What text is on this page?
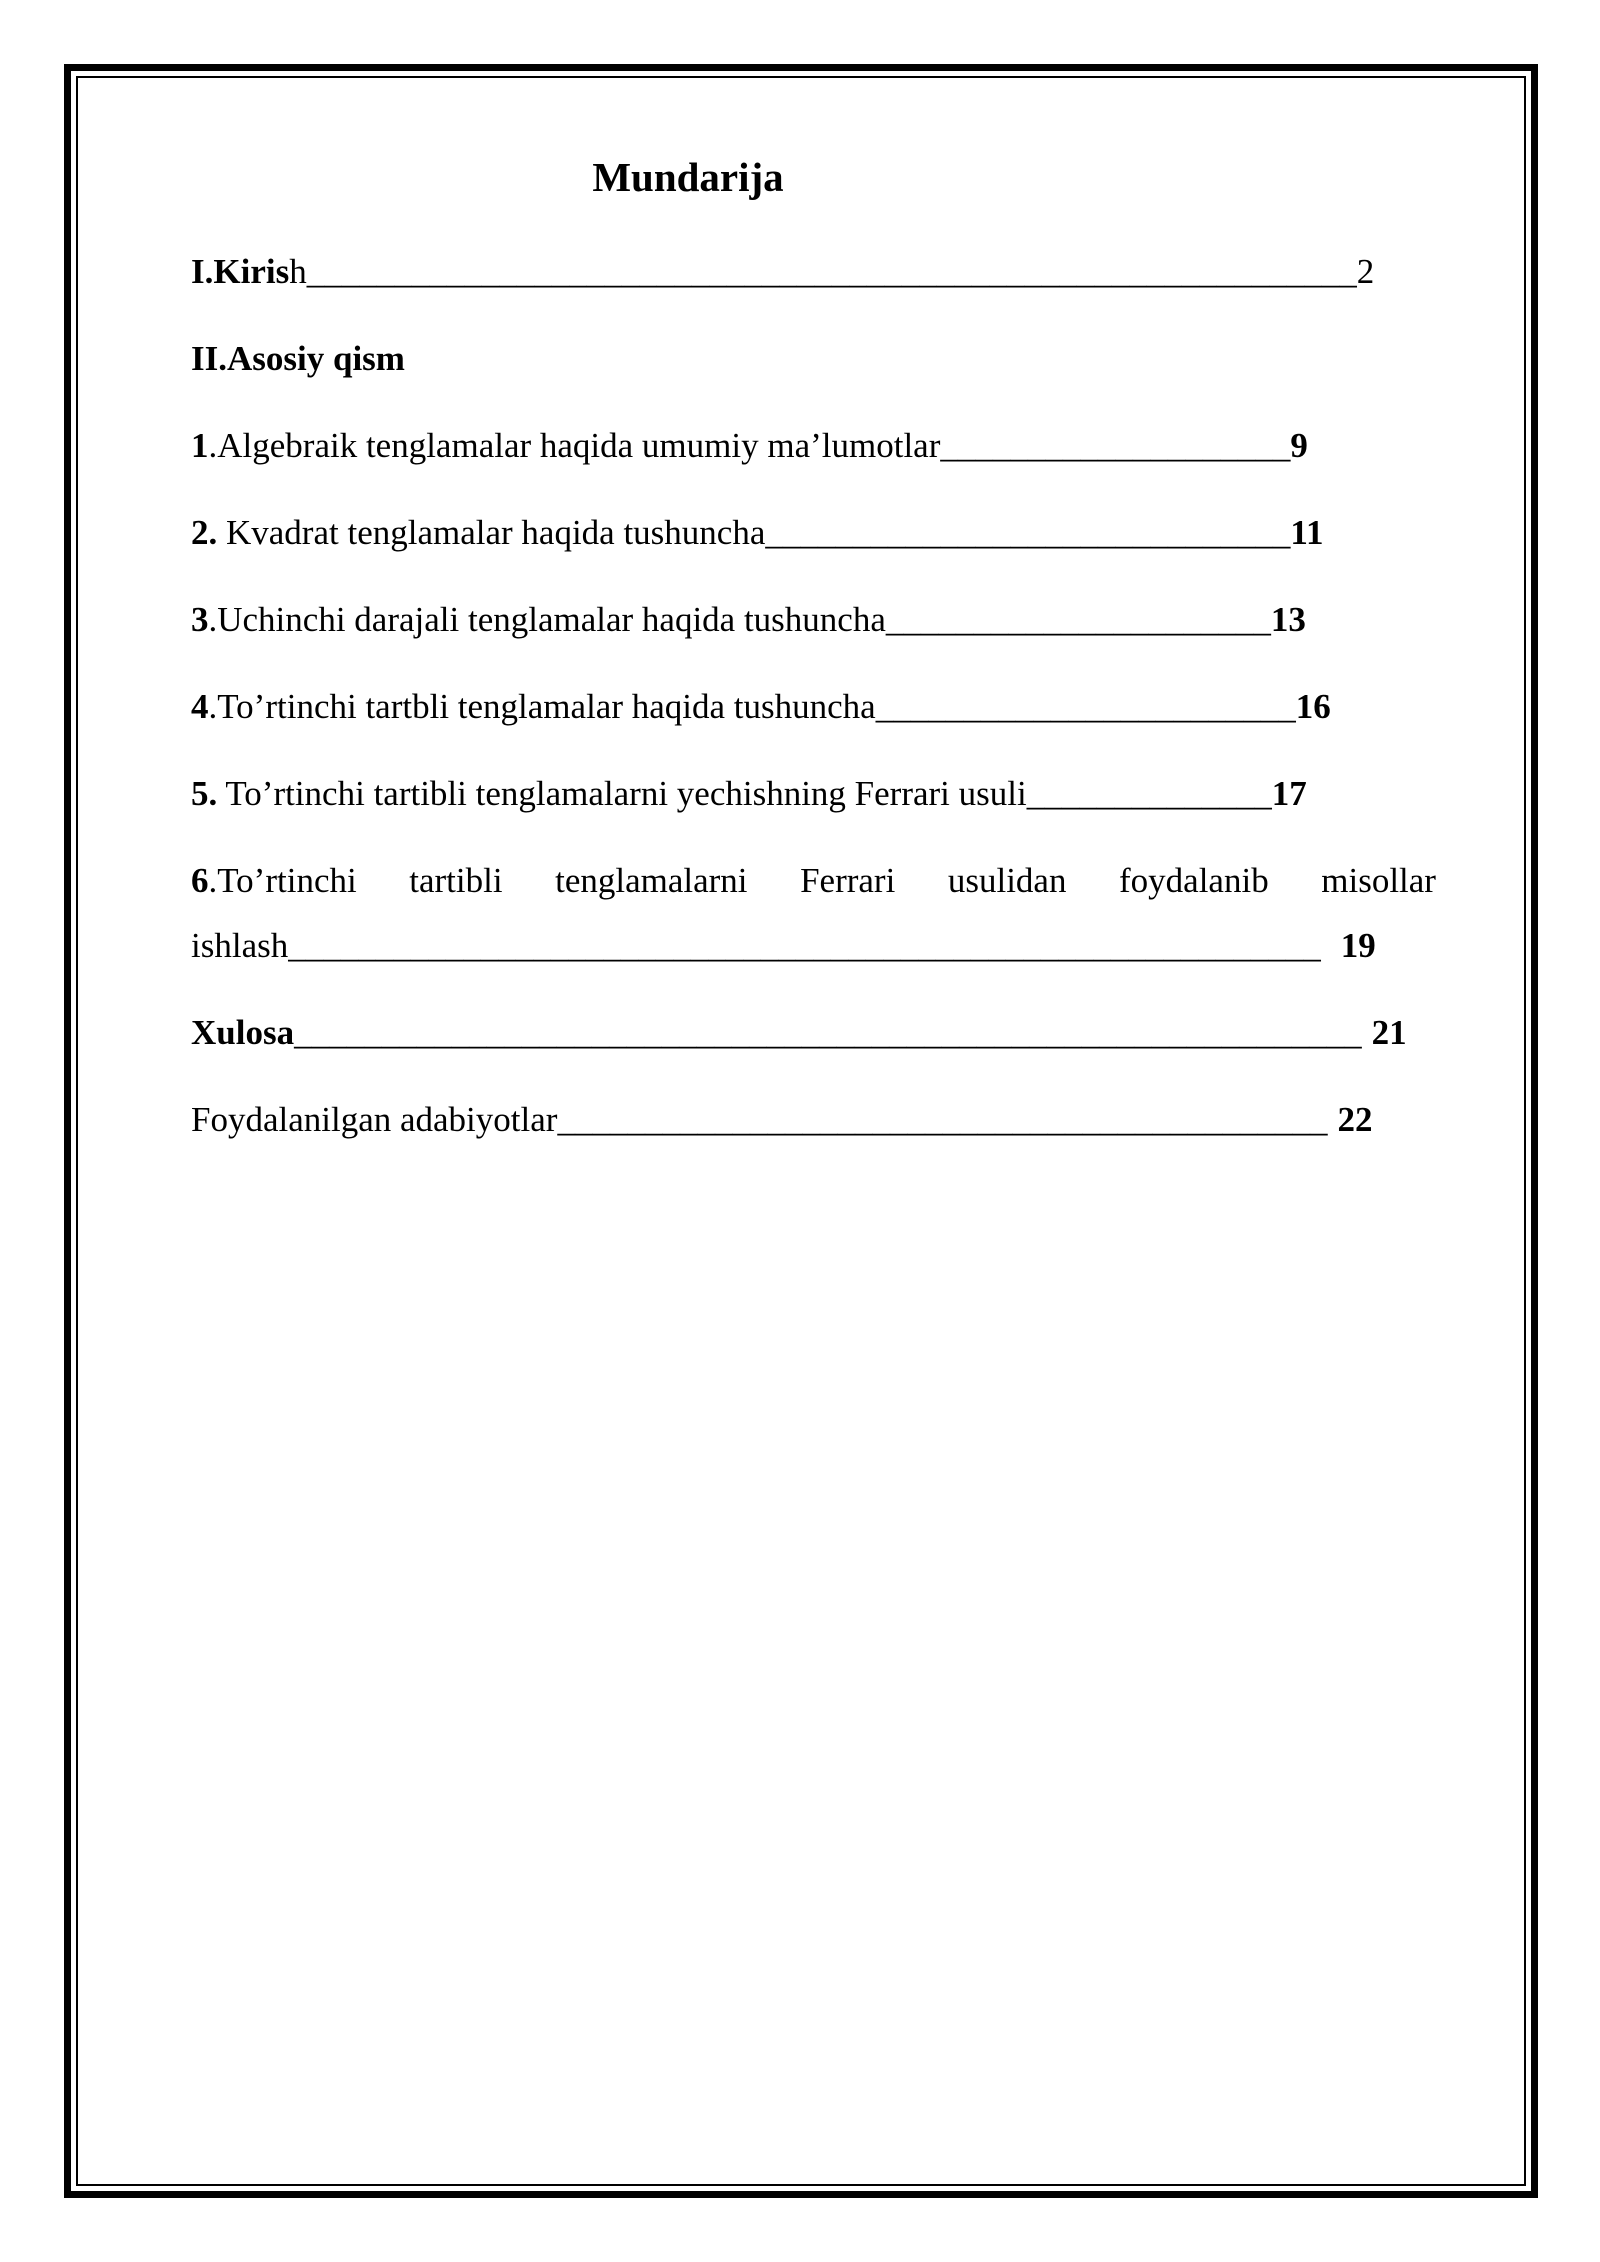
Mundarija
I.Kirish____________________________________________________________2
II.Asosiy qism
1.Algebraik tenglamalar haqida umumiy ma’lumotlar____________________9
2. Kvadrat tenglamalar haqida tushuncha______________________________11
3.Uchinchi darajali tenglamalar haqida tushuncha______________________13
4.To’rtinchi tartbli tenglamalar haqida tushuncha________________________16
5. To’rtinchi tartibli tenglamalarni yechishning Ferrari usuli______________17
6.To’rtinchi tartibli tenglamalarni Ferrari usulidan foydalanib misollar
ishlash___________________________________________________________ 19
Xulosa_____________________________________________________________ 21
Foydalanilgan adabiyotlar____________________________________________ 22
